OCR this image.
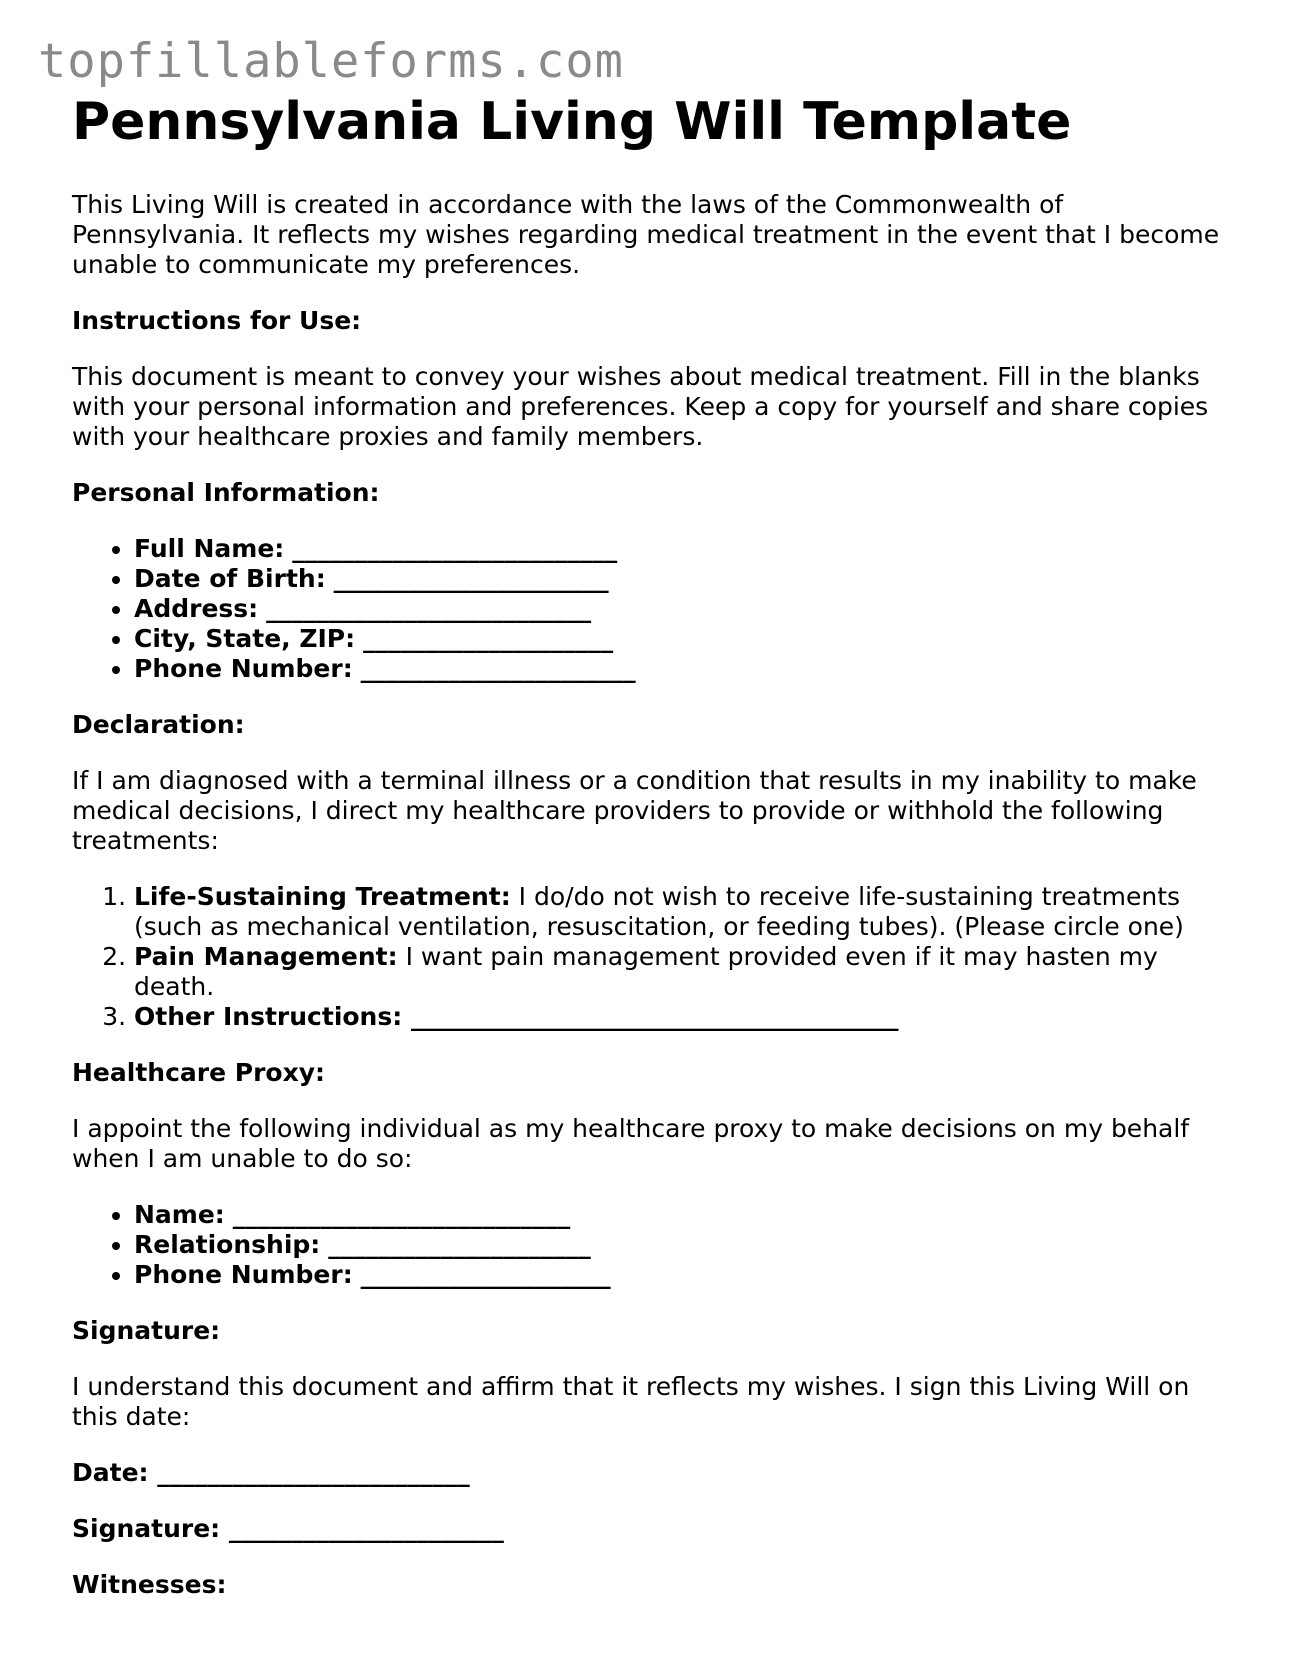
topfillableforms.com
Pennsylvania Living Will Template

This Living Will is created in accordance with the laws of the Commonwealth of Pennsylvania. It reflects my wishes regarding medical treatment in the event that I become unable to communicate my preferences.

Instructions for Use:

This document is meant to convey your wishes about medical treatment. Fill in the blanks with your personal information and preferences. Keep a copy for yourself and share copies with your healthcare proxies and family members.

Personal Information:

• Full Name: __________________________
• Date of Birth: ______________________
• Address: __________________________
• City, State, ZIP: ____________________
• Phone Number: ______________________

Declaration:

If I am diagnosed with a terminal illness or a condition that results in my inability to make medical decisions, I direct my healthcare providers to provide or withhold the following treatments:

1. Life-Sustaining Treatment: I do/do not wish to receive life-sustaining treatments (such as mechanical ventilation, resuscitation, or feeding tubes). (Please circle one)
2. Pain Management: I want pain management provided even if it may hasten my death.
3. Other Instructions: _______________________________________

Healthcare Proxy:

I appoint the following individual as my healthcare proxy to make decisions on my behalf when I am unable to do so:

• Name: ___________________________
• Relationship: _____________________
• Phone Number: ____________________

Signature:

I understand this document and affirm that it reflects my wishes. I sign this Living Will on this date:

Date: _________________________

Signature: ______________________

Witnesses:
